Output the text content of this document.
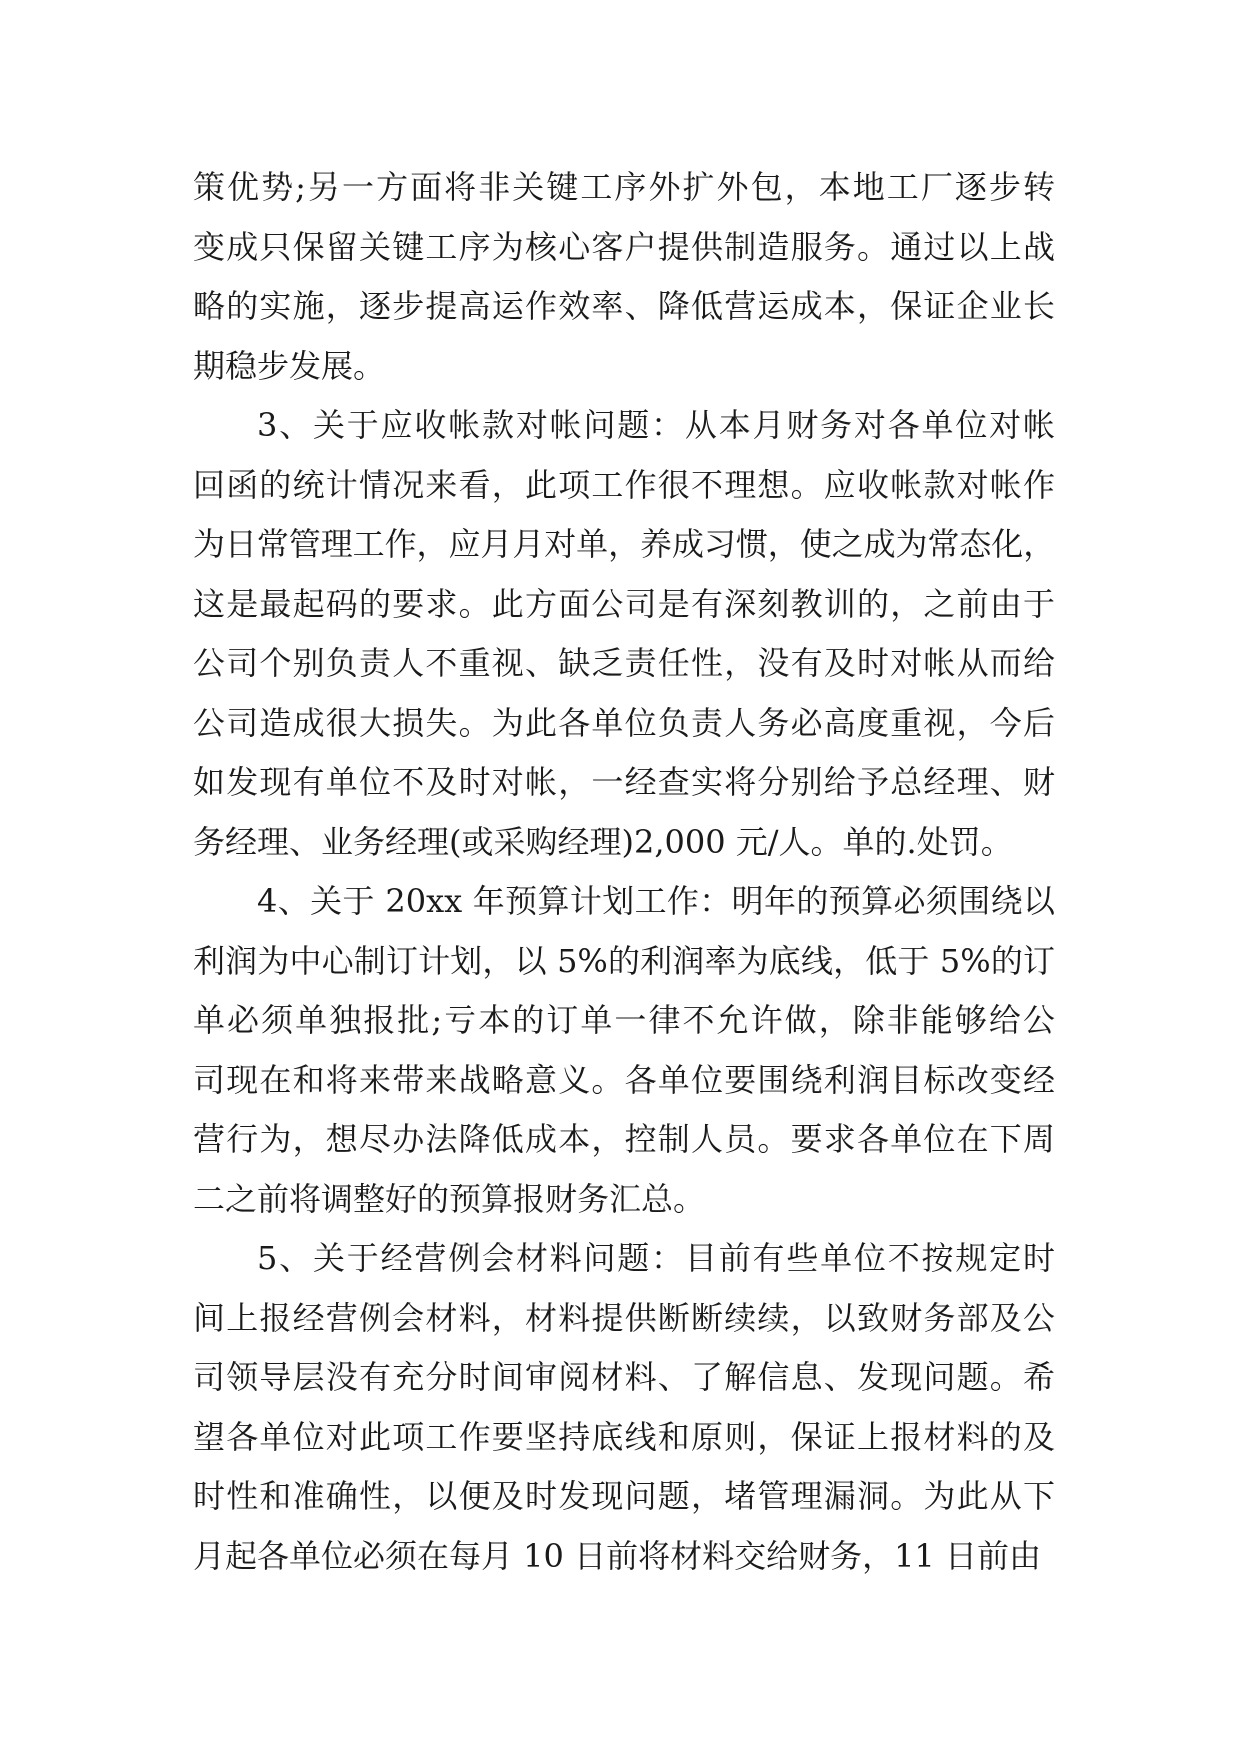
策优势;另一方面将非关键工序外扩外包，本地工厂逐步转
变成只保留关键工序为核心客户提供制造服务。通过以上战
略的实施，逐步提高运作效率、降低营运成本，保证企业长
期稳步发展。
3、关于应收帐款对帐问题：从本月财务对各单位对帐
回函的统计情况来看，此项工作很不理想。应收帐款对帐作
为日常管理工作，应月月对单，养成习惯，使之成为常态化，
这是最起码的要求。此方面公司是有深刻教训的，之前由于
公司个别负责人不重视、缺乏责任性，没有及时对帐从而给
公司造成很大损失。为此各单位负责人务必高度重视，今后
如发现有单位不及时对帐，一经查实将分别给予总经理、财
务经理、业务经理(或采购经理)2,000 元/人。单的.处罚。
4、关于 20xx 年预算计划工作：明年的预算必须围绕以
利润为中心制订计划，以 5%的利润率为底线，低于 5%的订
单必须单独报批;亏本的订单一律不允许做，除非能够给公
司现在和将来带来战略意义。各单位要围绕利润目标改变经
营行为，想尽办法降低成本，控制人员。要求各单位在下周
二之前将调整好的预算报财务汇总。
5、关于经营例会材料问题：目前有些单位不按规定时
间上报经营例会材料，材料提供断断续续，以致财务部及公
司领导层没有充分时间审阅材料、了解信息、发现问题。希
望各单位对此项工作要坚持底线和原则，保证上报材料的及
时性和准确性，以便及时发现问题，堵管理漏洞。为此从下
月起各单位必须在每月 10 日前将材料交给财务，11 日前由
